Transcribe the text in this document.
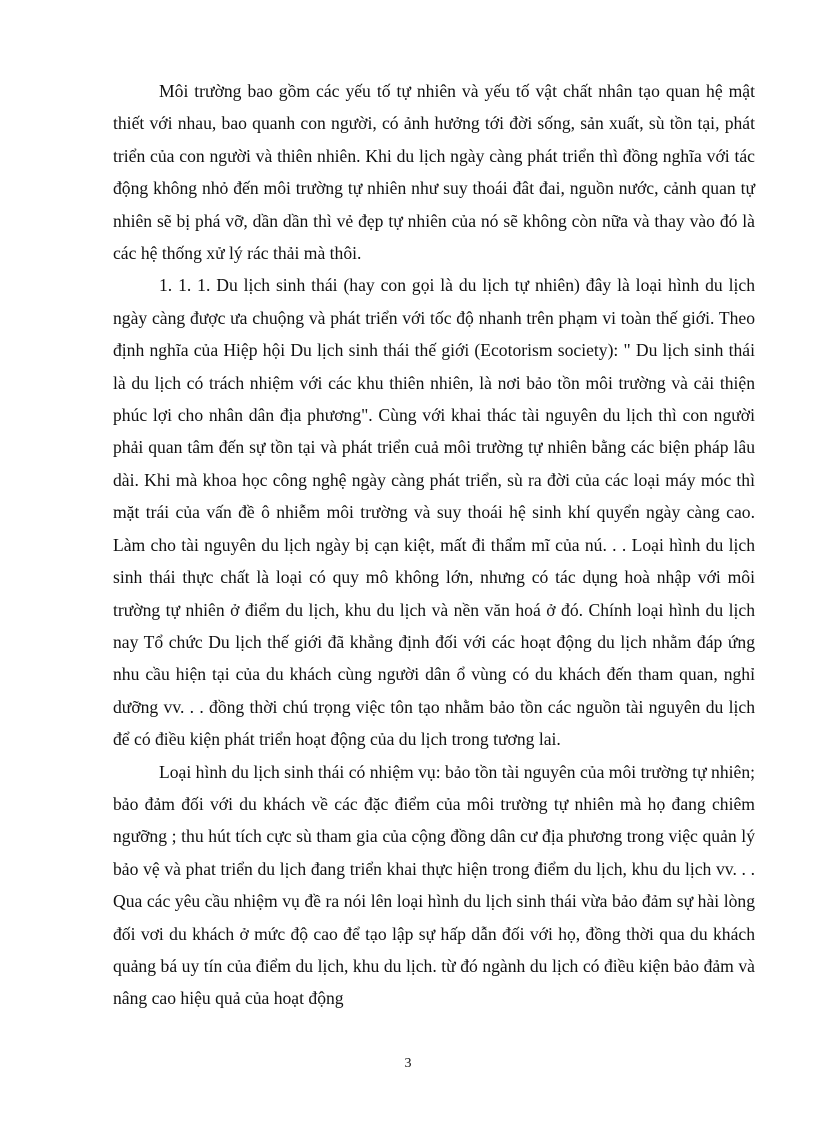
Môi trường bao gồm các yếu tố tự nhiên và yếu tố vật chất nhân tạo quan hệ mật thiết với nhau, bao quanh con người, có ảnh hưởng tới đời sống, sản xuất, sù tồn tại, phát triển của con người và thiên nhiên. Khi du lịch ngày càng phát triển thì đồng nghĩa với tác động không nhỏ đến môi trường tự nhiên như suy thoái đât đai, nguồn nước, cảnh quan tự nhiên sẽ bị phá vỡ, dần dần thì vẻ đẹp tự nhiên của nó sẽ không còn nữa và thay vào đó là các hệ thống xử lý rác thải mà thôi.

1. 1. 1. Du lịch sinh thái (hay con gọi là du lịch tự nhiên) đây là loại hình du lịch ngày càng được ưa chuộng và phát triển với tốc độ nhanh trên phạm vi toàn thế giới. Theo định nghĩa của Hiệp hội Du lịch sinh thái thế giới (Ecotorism society): " Du lịch sinh thái là du lịch có trách nhiệm với các khu thiên nhiên, là nơi bảo tồn môi trường và cải thiện phúc lợi cho nhân dân địa phương". Cùng với khai thác tài nguyên du lịch thì con người phải quan tâm đến sự tồn tại và phát triển cuả môi trường tự nhiên bằng các biện pháp lâu dài. Khi mà khoa học công nghệ ngày càng phát triển, sù ra đời của các loại máy móc thì mặt trái của vấn đề ô nhiễm môi trường và suy thoái hệ sinh khí quyển ngày càng cao. Làm cho tài nguyên du lịch ngày bị cạn kiệt, mất đi thẩm mĩ của nú. . . Loại hình du lịch sinh thái thực chất là loại có quy mô không lớn, nhưng có tác dụng hoà nhập với môi trường tự nhiên ở điểm du lịch, khu du lịch và nền văn hoá ở đó. Chính loại hình du lịch nay Tổ chức Du lịch thế giới đã khẳng định đối với các hoạt động du lịch nhằm đáp ứng nhu cầu hiện tại của du khách cùng người dân ổ vùng có du khách đến tham quan, nghỉ dưỡng vv. . . đồng thời chú trọng việc tôn tạo nhằm bảo tồn các nguồn tài nguyên du lịch để có điều kiện phát triển hoạt động của du lịch trong tương lai.

Loại hình du lịch sinh thái có nhiệm vụ: bảo tồn tài nguyên của môi trường tự nhiên; bảo đảm đối với du khách về các đặc điểm của môi trường tự nhiên mà họ đang chiêm ngưỡng ; thu hút tích cực sù tham gia của cộng đồng dân cư địa phương trong việc quản lý bảo vệ và phat triển du lịch đang triển khai thực hiện trong điểm du lịch, khu du lịch vv. . . Qua các yêu cầu nhiệm vụ đề ra nói lên loại hình du lịch sinh thái vừa bảo đảm sự hài lòng đối vơi du khách ở mức độ cao để tạo lập sự hấp dẫn đối với họ, đồng thời qua du khách quảng bá uy tín của điểm du lịch, khu du lịch. từ đó ngành du lịch có điều kiện bảo đảm và nâng cao hiệu quả của hoạt động

3
